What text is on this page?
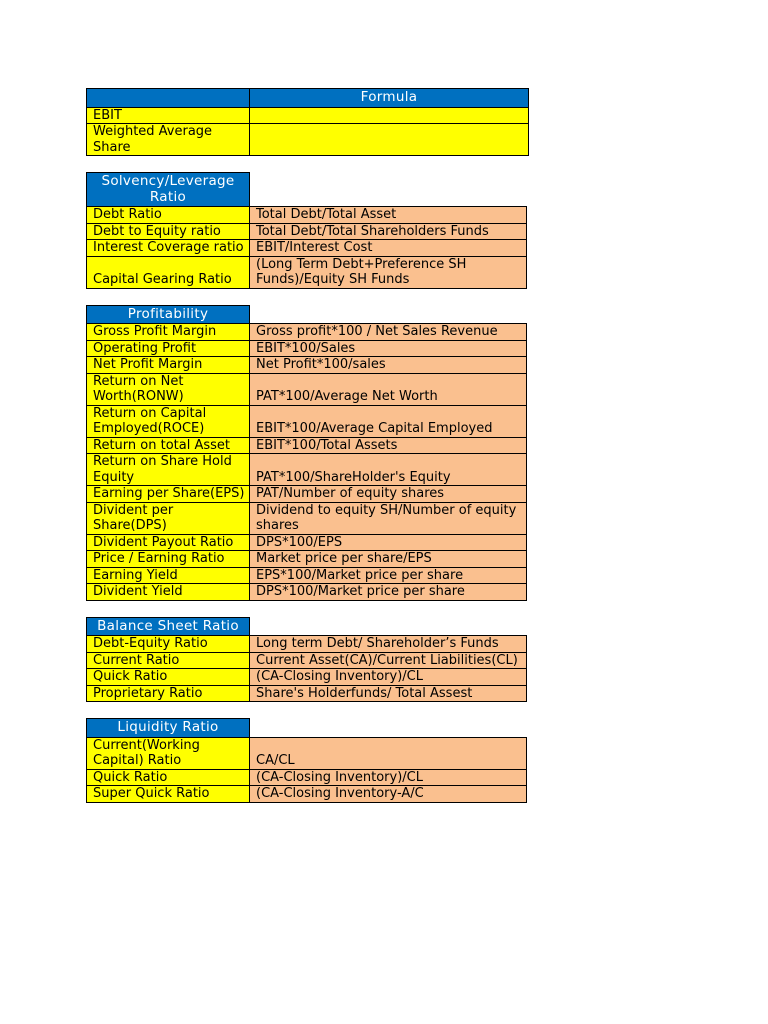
	Formula
EBIT	
Weighted Average Share	
Solvency/Leverage Ratio	
Debt Ratio	Total Debt/Total Asset
Debt to Equity ratio	Total Debt/Total Shareholders Funds
Interest Coverage ratio	EBIT/Interest Cost
Capital Gearing Ratio	(Long Term Debt+Preference SH Funds)/Equity SH Funds
Profitability	
Gross Profit Margin	Gross profit*100 / Net Sales Revenue
Operating Profit	EBIT*100/Sales
Net Profit Margin	Net Profit*100/sales
Return on Net Worth(RONW)	PAT*100/Average Net Worth
Return on Capital Employed(ROCE)	EBIT*100/Average Capital Employed
Return on total Asset	EBIT*100/Total Assets
Return on Share Hold Equity	PAT*100/ShareHolder's Equity
Earning per Share(EPS)	PAT/Number of equity shares
Divident per Share(DPS)	Dividend to equity SH/Number of equity shares
Divident Payout Ratio	DPS*100/EPS
Price / Earning Ratio	Market price per share/EPS
Earning Yield	EPS*100/Market price per share
Divident Yield	DPS*100/Market price per share
Balance Sheet Ratio	
Debt-Equity Ratio	Long term Debt/ Shareholder’s Funds
Current Ratio	Current Asset(CA)/Current Liabilities(CL)
Quick Ratio	(CA-Closing Inventory)/CL
Proprietary Ratio	Share's Holderfunds/ Total Assest
Liquidity Ratio	
Current(Working Capital) Ratio	CA/CL
Quick Ratio	(CA-Closing Inventory)/CL
Super Quick Ratio	(CA-Closing Inventory-A/C
